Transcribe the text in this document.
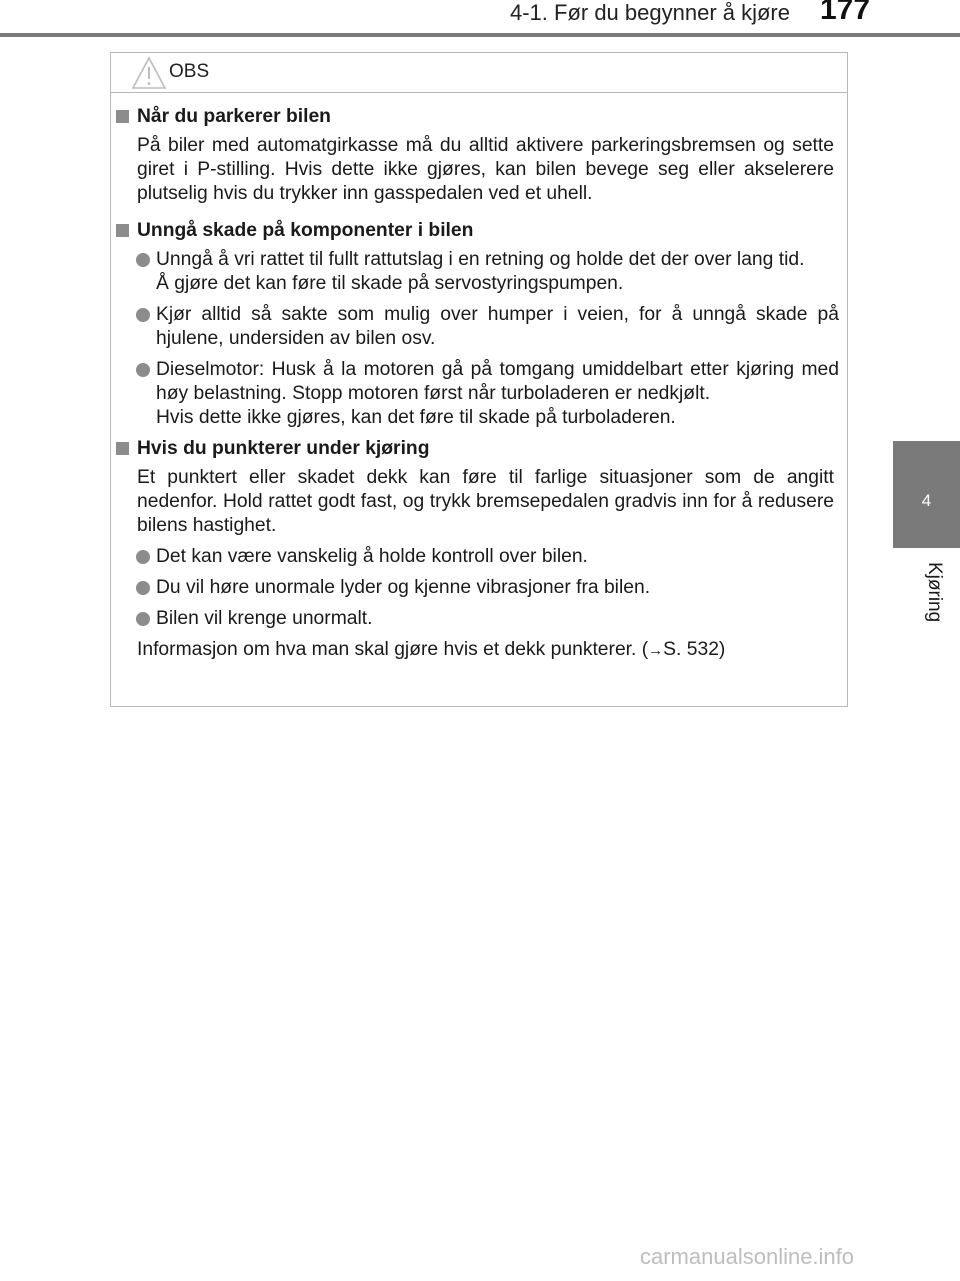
4-1. Før du begynner å kjøre 177
4
Kjøring
OBS
Når du parkerer bilen
På biler med automatgirkasse må du alltid aktivere parkeringsbremsen og sette giret i P-stilling. Hvis dette ikke gjøres, kan bilen bevege seg eller akselerere plutselig hvis du trykker inn gasspedalen ved et uhell.
Unngå skade på komponenter i bilen
Unngå å vri rattet til fullt rattutslag i en retning og holde det der over lang tid.
Å gjøre det kan føre til skade på servostyringspumpen.
Kjør alltid så sakte som mulig over humper i veien, for å unngå skade på hjulene, undersiden av bilen osv.
Dieselmotor: Husk å la motoren gå på tomgang umiddelbart etter kjøring med høy belastning. Stopp motoren først når turboladeren er nedkjølt.
Hvis dette ikke gjøres, kan det føre til skade på turboladeren.
Hvis du punkterer under kjøring
Et punktert eller skadet dekk kan føre til farlige situasjoner som de angitt nedenfor. Hold rattet godt fast, og trykk bremsepedalen gradvis inn for å redusere bilens hastighet.
Det kan være vanskelig å holde kontroll over bilen.
Du vil høre unormale lyder og kjenne vibrasjoner fra bilen.
Bilen vil krenge unormalt.
Informasjon om hva man skal gjøre hvis et dekk punkterer. (→S. 532)
carmanualsonline.info
